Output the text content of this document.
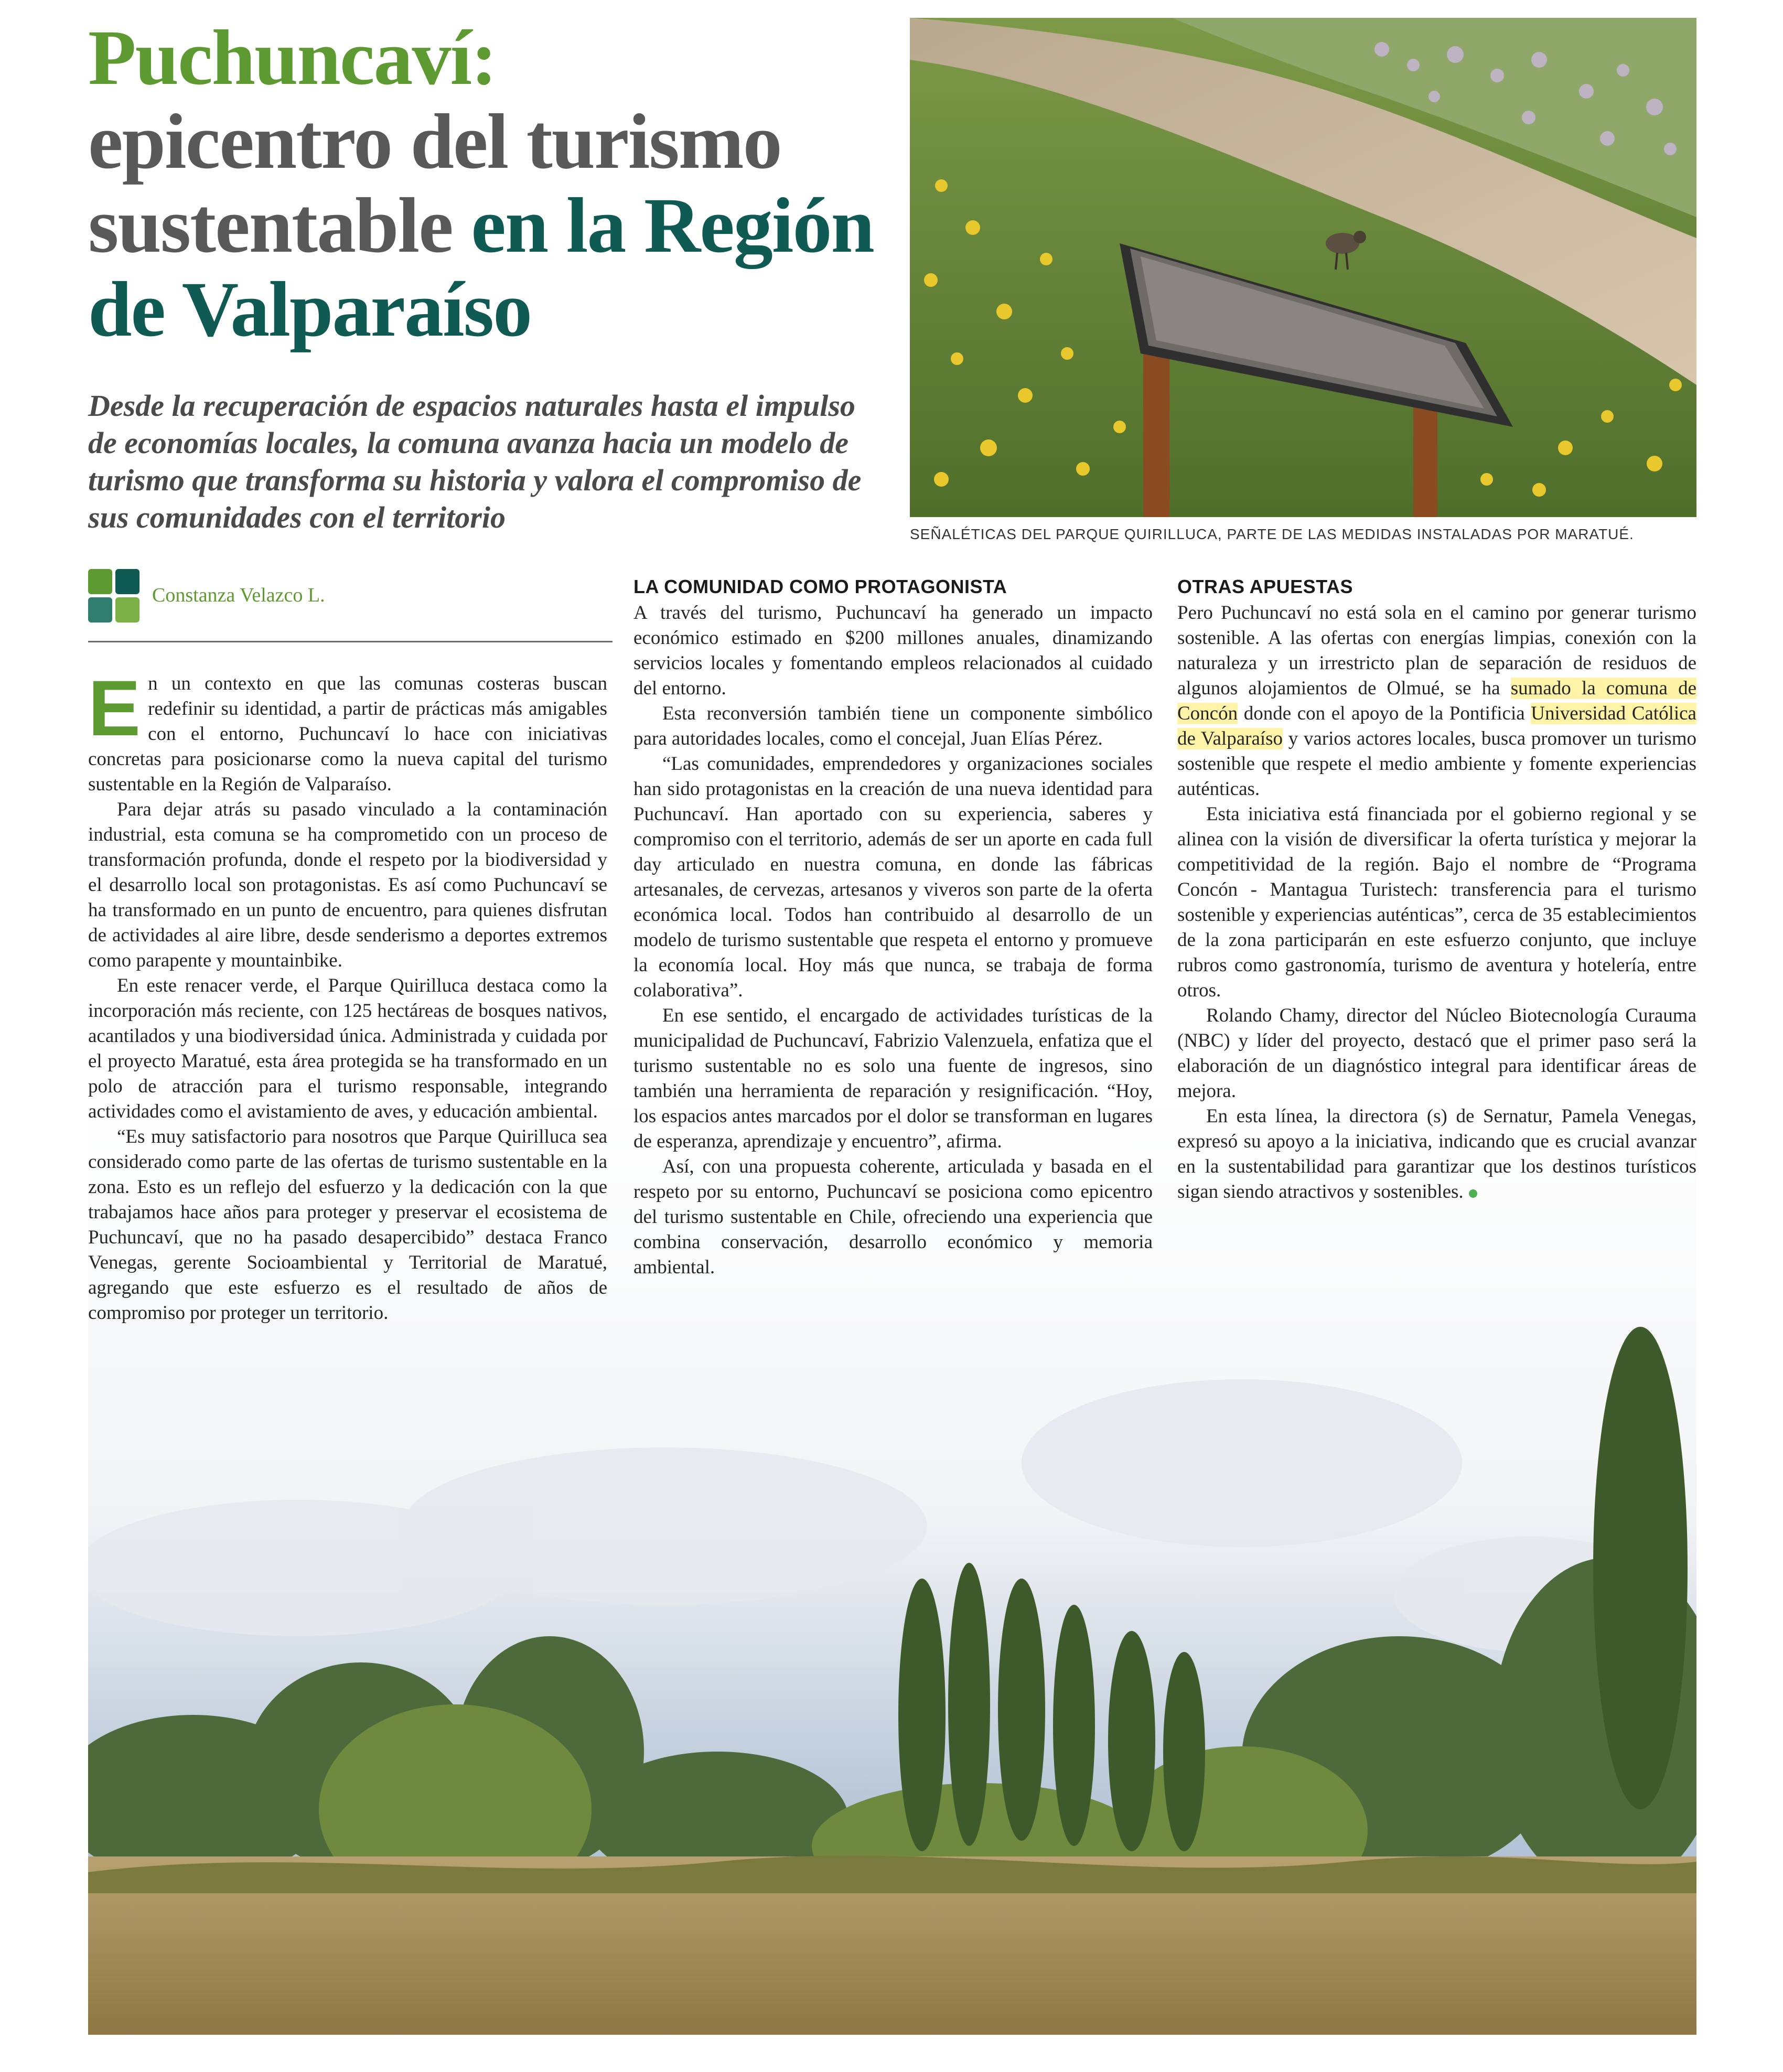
Puchuncaví:
epicentro del turismo sustentable en la Región de Valparaíso

Desde la recuperación de espacios naturales hasta el impulso de economías locales, la comuna avanza hacia un modelo de turismo que transforma su historia y valora el compromiso de sus comunidades con el territorio	SEÑALÉTICAS DEL PARQUE QUIRILLUCA, PARTE DE LAS MEDIDAS INSTALADAS POR MARATUÉ.

Constanza Velazco L.

En un contexto en que las comunas costeras buscan redefinir su identidad, a partir de prácticas más amigables con el entorno, Puchuncaví lo hace con iniciativas concretas para posicionarse como la nueva capital del turismo sustentable en la Región de Valparaíso.

Para dejar atrás su pasado vinculado a la contaminación industrial, esta comuna se ha comprometido con un proceso de transformación profunda, donde el respeto por la biodiversidad y el desarrollo local son protagonistas. Es así como Puchuncaví se ha transformado en un punto de encuentro, para quienes disfrutan de actividades al aire libre, desde senderismo a deportes extremos como parapente y mountainbike.

En este renacer verde, el Parque Quirilluca destaca como la incorporación más reciente, con 125 hectáreas de bosques nativos, acantilados y una biodiversidad única. Administrada y cuidada por el proyecto Maratué, esta área protegida se ha transformado en un polo de atracción para el turismo responsable, integrando actividades como el avistamiento de aves, y educación ambiental.

“Es muy satisfactorio para nosotros que Parque Quirilluca sea considerado como parte de las ofertas de turismo sustentable en la zona. Esto es un reflejo del esfuerzo y la dedicación con la que trabajamos hace años para proteger y preservar el ecosistema de Puchuncaví, que no ha pasado desapercibido” destaca Franco Venegas, gerente Socioambiental y Territorial de Maratué, agregando que este esfuerzo es el resultado de años de compromiso por proteger un territorio.

LA COMUNIDAD COMO PROTAGONISTA

A través del turismo, Puchuncaví ha generado un impacto económico estimado en $200 millones anuales, dinamizando servicios locales y fomentando empleos relacionados al cuidado del entorno.

Esta reconversión también tiene un componente simbólico para autoridades locales, como el concejal, Juan Elías Pérez.

“Las comunidades, emprendedores y organizaciones sociales han sido protagonistas en la creación de una nueva identidad para Puchuncaví. Han aportado con su experiencia, saberes y compromiso con el territorio, además de ser un aporte en cada full day articulado en nuestra comuna, en donde las fábricas artesanales, de cervezas, artesanos y viveros son parte de la oferta económica local. Todos han contribuido al desarrollo de un modelo de turismo sustentable que respeta el entorno y promueve la economía local. Hoy más que nunca, se trabaja de forma colaborativa”.

En ese sentido, el encargado de actividades turísticas de la municipalidad de Puchuncaví, Fabrizio Valenzuela, enfatiza que el turismo sustentable no es solo una fuente de ingresos, sino también una herramienta de reparación y resignificación. “Hoy, los espacios antes marcados por el dolor se transforman en lugares de esperanza, aprendizaje y encuentro”, afirma.

Así, con una propuesta coherente, articulada y basada en el respeto por su entorno, Puchuncaví se posiciona como epicentro del turismo sustentable en Chile, ofreciendo una experiencia que combina conservación, desarrollo económico y memoria ambiental.

OTRAS APUESTAS

Pero Puchuncaví no está sola en el camino por generar turismo sostenible. A las ofertas con energías limpias, conexión con la naturaleza y un irrestricto plan de separación de residuos de algunos alojamientos de Olmué, se ha sumado la comuna de Concón donde con el apoyo de la Pontificia Universidad Católica de Valparaíso y varios actores locales, busca promover un turismo sostenible que respete el medio ambiente y fomente experiencias auténticas.

Esta iniciativa está financiada por el gobierno regional y se alinea con la visión de diversificar la oferta turística y mejorar la competitividad de la región. Bajo el nombre de “Programa Concón - Mantagua Turistech: transferencia para el turismo sostenible y experiencias auténticas”, cerca de 35 establecimientos de la zona participarán en este esfuerzo conjunto, que incluye rubros como gastronomía, turismo de aventura y hotelería, entre otros.

Rolando Chamy, director del Núcleo Biotecnología Curauma (NBC) y líder del proyecto, destacó que el primer paso será la elaboración de un diagnóstico integral para identificar áreas de mejora.

En esta línea, la directora (s) de Sernatur, Pamela Venegas, expresó su apoyo a la iniciativa, indicando que es crucial avanzar en la sustentabilidad para garantizar que los destinos turísticos sigan siendo atractivos y sostenibles.
